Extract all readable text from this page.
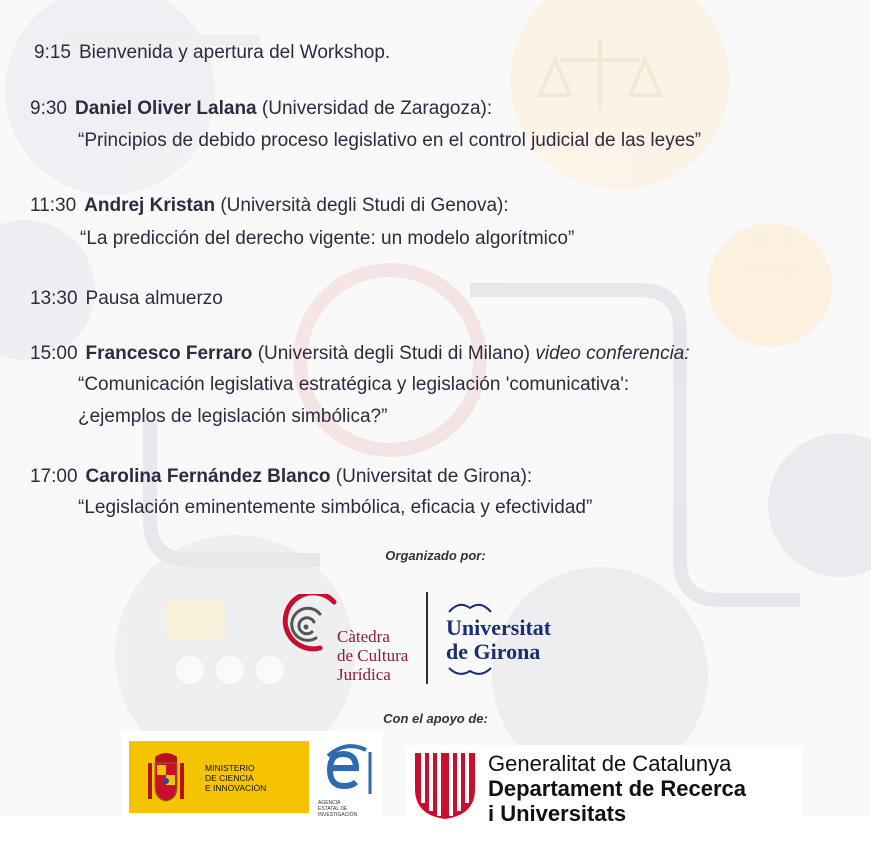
9:15 Bienvenida y apertura del Workshop.
9:30 Daniel Oliver Lalana (Universidad de Zaragoza):
“Principios de debido proceso legislativo en el control judicial de las leyes”
11:30 Andrej Kristan (Università degli Studi di Genova):
“La predicción del derecho vigente: un modelo algorítmico”
13:30 Pausa almuerzo
15:00 Francesco Ferraro (Università degli Studi di Milano) video conferencia:
“Comunicación legislativa estratégica y legislación 'comunicativa':
¿ejemplos de legislación simbólica?”
17:00 Carolina Fernández Blanco (Universitat de Girona):
“Legislación eminentemente simbólica, eficacia y efectividad”
Organizado por:
Càtedra
de Cultura
Jurídica
Universitat
de Girona
Con el apoyo de:
MINISTERIO
DE CIENCIA
E INNOVACIÓN
AGENCIA
ESTATAL DE
INVESTIGACIÓN
Generalitat de Catalunya
Departament de Recerca
i Universitats
